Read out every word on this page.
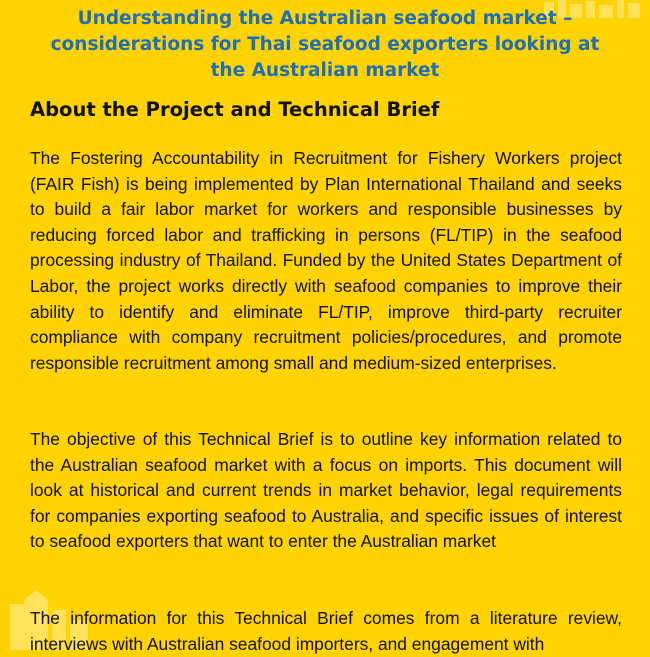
Understanding the Australian seafood market – considerations for Thai seafood exporters looking at the Australian market
About the Project and Technical Brief

The Fostering Accountability in Recruitment for Fishery Workers project (FAIR Fish) is being implemented by Plan International Thailand and seeks to build a fair labor market for workers and responsible businesses by reducing forced labor and trafficking in persons (FL/TIP) in the seafood processing industry of Thailand. Funded by the United States Department of Labor, the project works directly with seafood companies to improve their ability to identify and eliminate FL/TIP, improve third-party recruiter compliance with company recruitment policies/procedures, and promote responsible recruitment among small and medium-sized enterprises.

The objective of this Technical Brief is to outline key information related to the Australian seafood market with a focus on imports. This document will look at historical and current trends in market behavior, legal requirements for companies exporting seafood to Australia, and specific issues of interest to seafood exporters that want to enter the Australian market

The information for this Technical Brief comes from a literature review, interviews with Australian seafood importers, and engagement with
